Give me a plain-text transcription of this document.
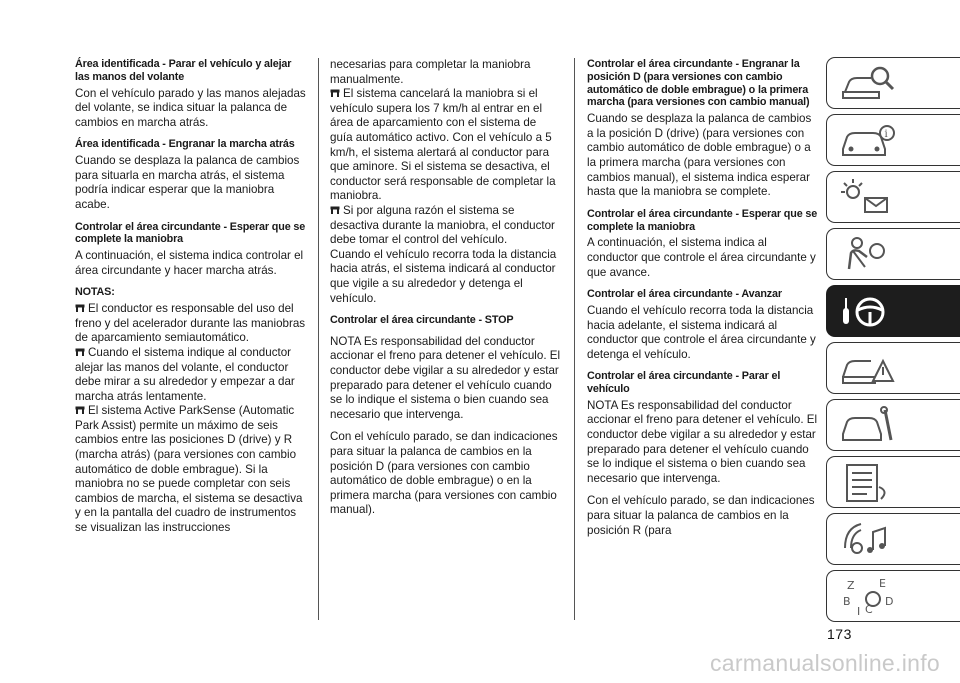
Área identificada - Parar el vehículo y alejar las manos del volante

Con el vehículo parado y las manos alejadas del volante, se indica situar la palanca de cambios en marcha atrás.

Área identificada - Engranar la marcha atrás

Cuando se desplaza la palanca de cambios para situarla en marcha atrás, el sistema podría indicar esperar que la maniobra acabe.

Controlar el área circundante - Esperar que se complete la maniobra

A continuación, el sistema indica controlar el área circundante y hacer marcha atrás.

NOTAS:

El conductor es responsable del uso del freno y del acelerador durante las maniobras de aparcamiento semiautomático.

Cuando el sistema indique al conductor alejar las manos del volante, el conductor debe mirar a su alrededor y empezar a dar marcha atrás lentamente.

El sistema Active ParkSense (Automatic Park Assist) permite un máximo de seis cambios entre las posiciones D (drive) y R (marcha atrás) (para versiones con cambio automático de doble embrague). Si la maniobra no se puede completar con seis cambios de marcha, el sistema se desactiva y en la pantalla del cuadro de instrumentos se visualizan las instrucciones

necesarias para completar la maniobra manualmente.

El sistema cancelará la maniobra si el vehículo supera los 7 km/h al entrar en el área de aparcamiento con el sistema de guía automático activo. Con el vehículo a 5 km/h, el sistema alertará al conductor para que aminore. Si el sistema se desactiva, el conductor será responsable de completar la maniobra.

Si por alguna razón el sistema se desactiva durante la maniobra, el conductor debe tomar el control del vehículo.

Cuando el vehículo recorra toda la distancia hacia atrás, el sistema indicará al conductor que vigile a su alrededor y detenga el vehículo.

Controlar el área circundante - STOP

NOTA Es responsabilidad del conductor accionar el freno para detener el vehículo. El conductor debe vigilar a su alrededor y estar preparado para detener el vehículo cuando se lo indique el sistema o bien cuando sea necesario que intervenga.

Con el vehículo parado, se dan indicaciones para situar la palanca de cambios en la posición D (para versiones con cambio automático de doble embrague) o en la primera marcha (para versiones con cambio manual).

Controlar el área circundante - Engranar la posición D (para versiones con cambio automático de doble embrague) o la primera marcha (para versiones con cambio manual)

Cuando se desplaza la palanca de cambios a la posición D (drive) (para versiones con cambio automático de doble embrague) o a la primera marcha (para versiones con cambios manual), el sistema indica esperar hasta que la maniobra se complete.

Controlar el área circundante - Esperar que se complete la maniobra

A continuación, el sistema indica al conductor que controle el área circundante y que avance.

Controlar el área circundante - Avanzar

Cuando el vehículo recorra toda la distancia hacia adelante, el sistema indicará al conductor que controle el área circundante y detenga el vehículo.

Controlar el área circundante - Parar el vehículo

NOTA Es responsabilidad del conductor accionar el freno para detener el vehículo. El conductor debe vigilar a su alrededor y estar preparado para detener el vehículo cuando se lo indique el sistema o bien cuando sea necesario que intervenga.

Con el vehículo parado, se dan indicaciones para situar la palanca de cambios en la posición R (para

i
Z E
B	D
I C
173
carmanualsonline.info
